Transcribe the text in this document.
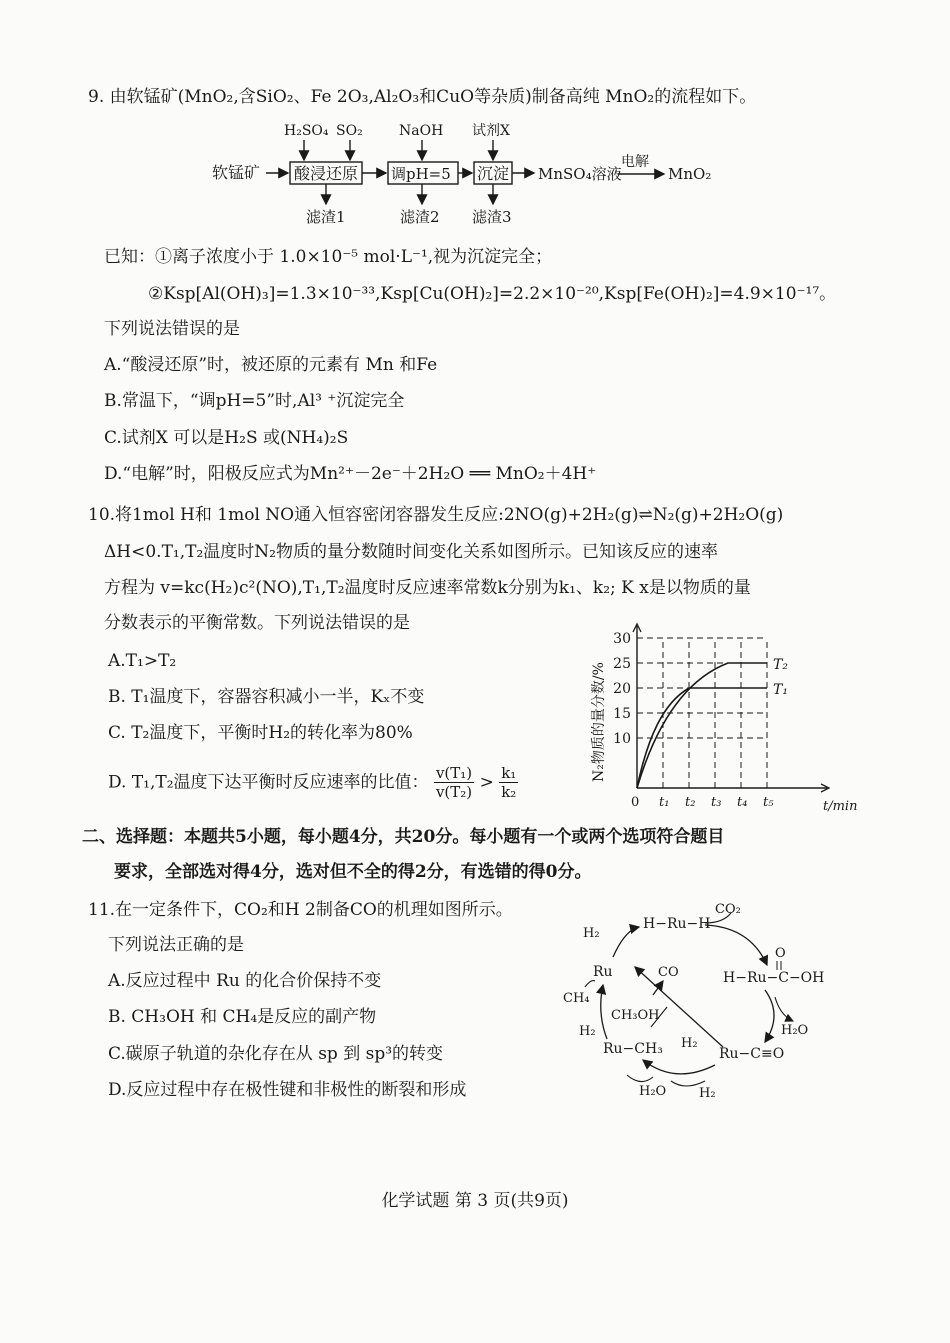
9. 由软锰矿(MnO₂,含SiO₂、Fe 2O₃,Al₂O₃和CuO等杂质)制备高纯 MnO₂的流程如下。
软锰矿 酸浸还原
H₂SO₄ SO₂
滤渣1
调pH=5
NaOH
滤渣2
沉淀
试剂X
滤渣3
MnSO₄溶液
电解
MnO₂
已知：①离子浓度小于 1.0×10⁻⁵ mol·L⁻¹,视为沉淀完全；
②Ksp[Al(OH)₃]=1.3×10⁻³³,Ksp[Cu(OH)₂]=2.2×10⁻²⁰,Ksp[Fe(OH)₂]=4.9×10⁻¹⁷。
下列说法错误的是
A.“酸浸还原”时，被还原的元素有 Mn 和Fe
B.常温下，“调pH=5”时,Al³ ⁺沉淀完全
C.试剂X 可以是H₂S 或(NH₄)₂S
D.“电解”时，阳极反应式为Mn²⁺－2e⁻＋2H₂O ══ MnO₂＋4H⁺
10.将1mol H和 1mol NO通入恒容密闭容器发生反应:2NO(g)+2H₂(g)⇌N₂(g)+2H₂O(g)
ΔH<0.T₁,T₂温度时N₂物质的量分数随时间变化关系如图所示。已知该反应的速率
方程为 v=kc(H₂)c²(NO),T₁,T₂温度时反应速率常数k分别为k₁、k₂; K x是以物质的量
分数表示的平衡常数。下列说法错误的是
A.T₁>T₂
B. T₁温度下，容器容积减小一半，Kₓ不变
C. T₂温度下，平衡时H₂的转化率为80%
D. T₁,T₂温度下达平衡时反应速率的比值： $\frac{\text{v(T₁)}}{\text{v(T₂)}} > \frac{\text{k₁}}{\text{k₂}}$
10
15
20
25
30
0 t₁ t₂ t₃ t₄ t₅
T₂
T₁
t/min
N₂物质的量分数/%
二、选择题：本题共5小题，每小题4分，共20分。每小题有一个或两个选项符合题目
要求，全部选对得4分，选对但不全的得2分，有选错的得0分。
11.在一定条件下，CO₂和H 2制备CO的机理如图所示。
下列说法正确的是
A.反应过程中 Ru 的化合价保持不变
B. CH₃OH 和 CH₄是反应的副产物
C.碳原子轨道的杂化存在从 sp 到 sp³的转变
D.反应过程中存在极性键和非极性的断裂和形成
H₂
H−Ru−H
CO₂
O
H−Ru−C−OH
H₂O
Ru−C≡O
H₂
H₂O
Ru−CH₃
H₂
CH₄
Ru	CO
CH₃OH
H₂
化学试题 第 3 页(共9页)
